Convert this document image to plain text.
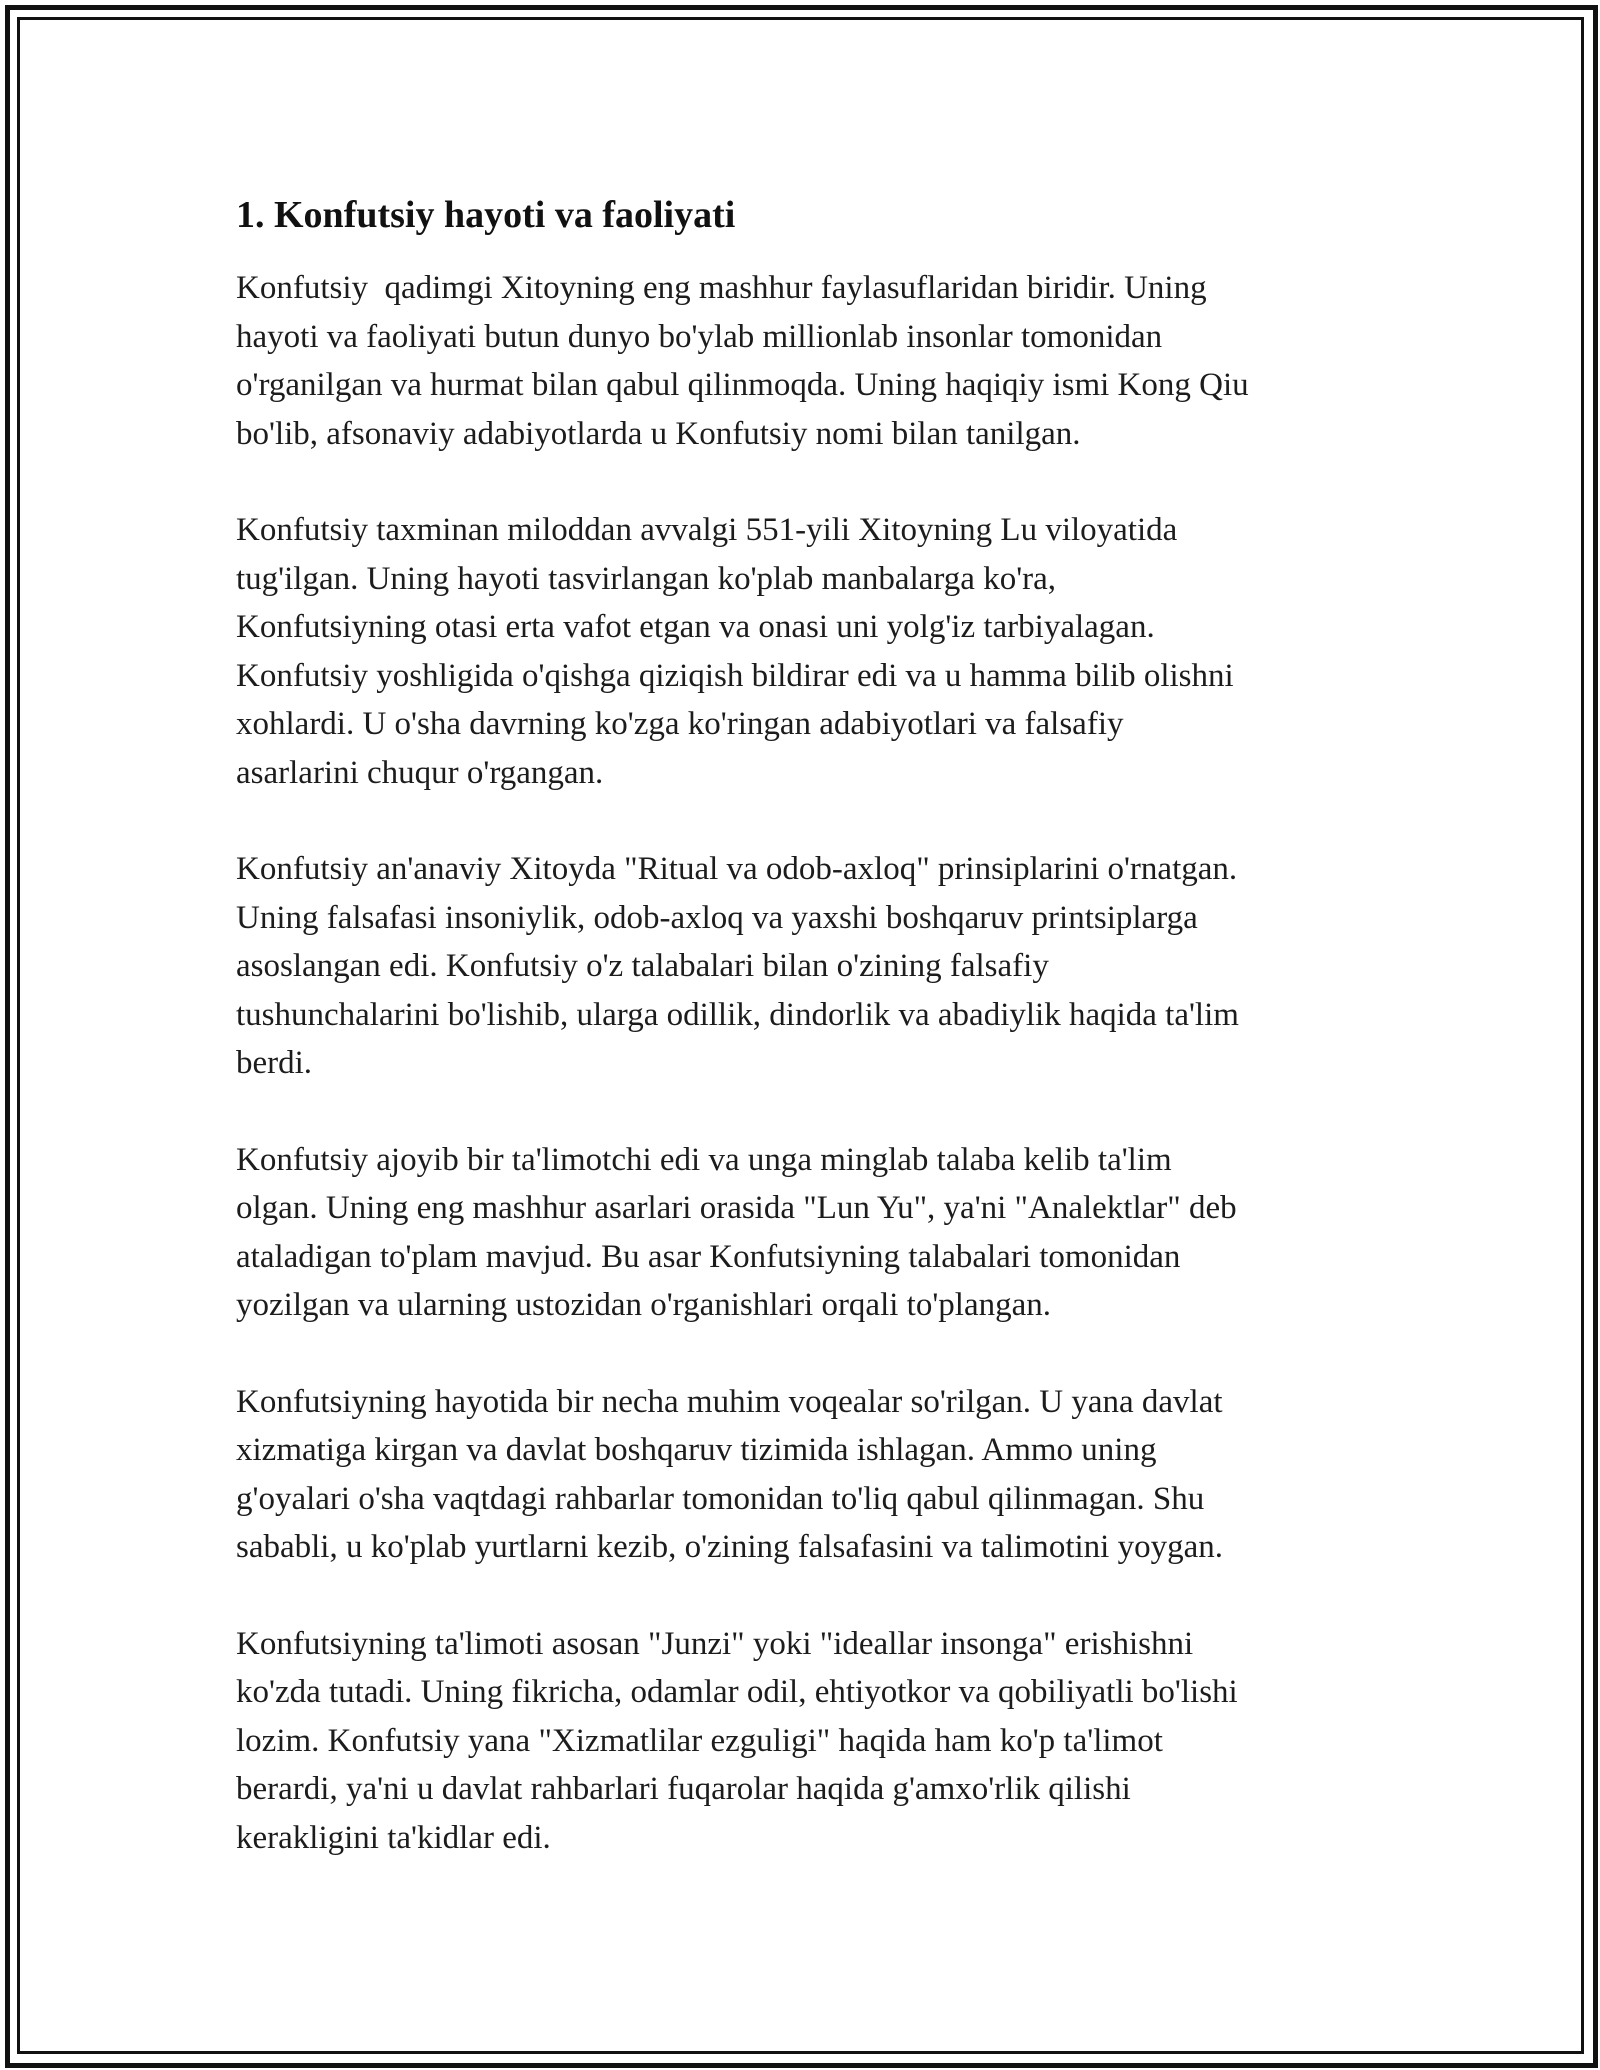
1. Konfutsiy hayoti va faoliyati

Konfutsiy  qadimgi Xitoyning eng mashhur faylasuflaridan biridir. Uning
hayoti va faoliyati butun dunyo bo'ylab millionlab insonlar tomonidan
o'rganilgan va hurmat bilan qabul qilinmoqda. Uning haqiqiy ismi Kong Qiu
bo'lib, afsonaviy adabiyotlarda u Konfutsiy nomi bilan tanilgan.

Konfutsiy taxminan miloddan avvalgi 551-yili Xitoyning Lu viloyatida
tug'ilgan. Uning hayoti tasvirlangan ko'plab manbalarga ko'ra,
Konfutsiyning otasi erta vafot etgan va onasi uni yolg'iz tarbiyalagan.
Konfutsiy yoshligida o'qishga qiziqish bildirar edi va u hamma bilib olishni
xohlardi. U o'sha davrning ko'zga ko'ringan adabiyotlari va falsafiy
asarlarini chuqur o'rgangan.

Konfutsiy an'anaviy Xitoyda "Ritual va odob-axloq" prinsiplarini o'rnatgan.
Uning falsafasi insoniylik, odob-axloq va yaxshi boshqaruv printsiplarga
asoslangan edi. Konfutsiy o'z talabalari bilan o'zining falsafiy
tushunchalarini bo'lishib, ularga odillik, dindorlik va abadiylik haqida ta'lim
berdi.

Konfutsiy ajoyib bir ta'limotchi edi va unga minglab talaba kelib ta'lim
olgan. Uning eng mashhur asarlari orasida "Lun Yu", ya'ni "Analektlar" deb
ataladigan to'plam mavjud. Bu asar Konfutsiyning talabalari tomonidan
yozilgan va ularning ustozidan o'rganishlari orqali to'plangan.

Konfutsiyning hayotida bir necha muhim voqealar so'rilgan. U yana davlat
xizmatiga kirgan va davlat boshqaruv tizimida ishlagan. Ammo uning
g'oyalari o'sha vaqtdagi rahbarlar tomonidan to'liq qabul qilinmagan. Shu
sababli, u ko'plab yurtlarni kezib, o'zining falsafasini va talimotini yoygan.

Konfutsiyning ta'limoti asosan "Junzi" yoki "ideallar insonga" erishishni
ko'zda tutadi. Uning fikricha, odamlar odil, ehtiyotkor va qobiliyatli bo'lishi
lozim. Konfutsiy yana "Xizmatlilar ezguligi" haqida ham ko'p ta'limot
berardi, ya'ni u davlat rahbarlari fuqarolar haqida g'amxo'rlik qilishi
kerakligini ta'kidlar edi.
